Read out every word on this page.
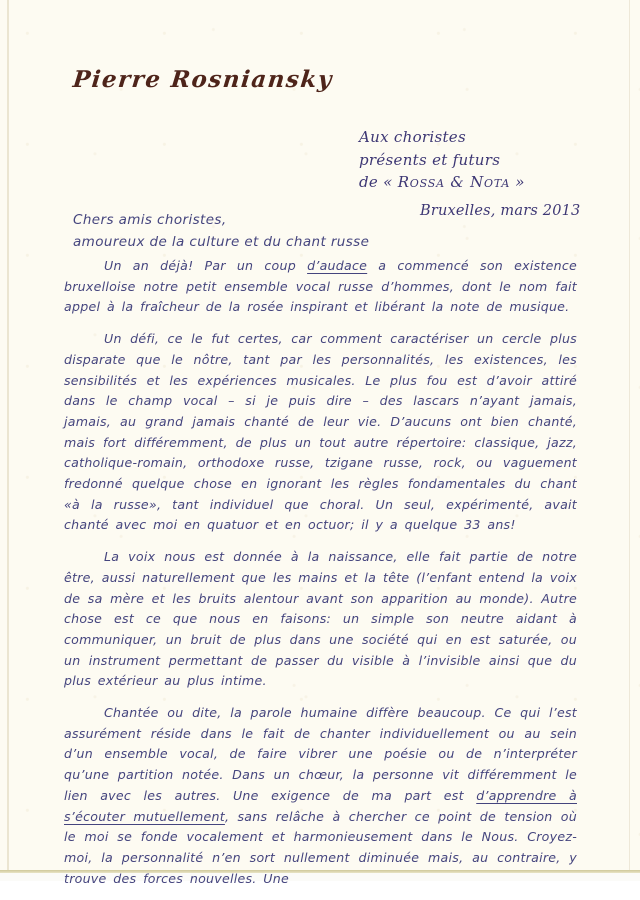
Pierre Rosniansky
Aux choristes
présents et futurs
de « Rossa & Nota »
Bruxelles, mars 2013
Chers amis choristes,
amoureux de la culture et du chant russe

Un an déjà! Par un coup d’audace a commencé son existence bruxelloise notre petit ensemble vocal russe d’hommes, dont le nom fait appel à la fraîcheur de la rosée inspirant et libérant la note de musique.

Un défi, ce le fut certes, car comment caractériser un cercle plus disparate que le nôtre, tant par les personnalités, les existences, les sensibilités et les expériences musicales. Le plus fou est d’avoir attiré dans le champ vocal – si je puis dire – des lascars n’ayant jamais, jamais, au grand jamais chanté de leur vie. D’aucuns ont bien chanté, mais fort différemment, de plus un tout autre répertoire: classique, jazz, catholique-romain, orthodoxe russe, tzigane russe, rock, ou vaguement fredonné quelque chose en ignorant les règles fondamentales du chant «à la russe», tant individuel que choral. Un seul, expérimenté, avait chanté avec moi en quatuor et en octuor; il y a quelque 33 ans!

La voix nous est donnée à la naissance, elle fait partie de notre être, aussi naturellement que les mains et la tête (l’enfant entend la voix de sa mère et les bruits alentour avant son apparition au monde). Autre chose est ce que nous en faisons: un simple son neutre aidant à communiquer, un bruit de plus dans une société qui en est saturée, ou un instrument permettant de passer du visible à l’invisible ainsi que du plus extérieur au plus intime.

Chantée ou dite, la parole humaine diffère beaucoup. Ce qui l’est assurément réside dans le fait de chanter individuellement ou au sein d’un ensemble vocal, de faire vibrer une poésie ou de n’interpréter qu’une partition notée. Dans un chœur, la personne vit différemment le lien avec les autres. Une exigence de ma part est d’apprendre à s’écouter mutuellement, sans relâche à chercher ce point de tension où le moi se fonde vocalement et harmonieusement dans le Nous. Croyez-moi, la personnalité n’en sort nullement diminuée mais, au contraire, y trouve des forces nouvelles. Une
